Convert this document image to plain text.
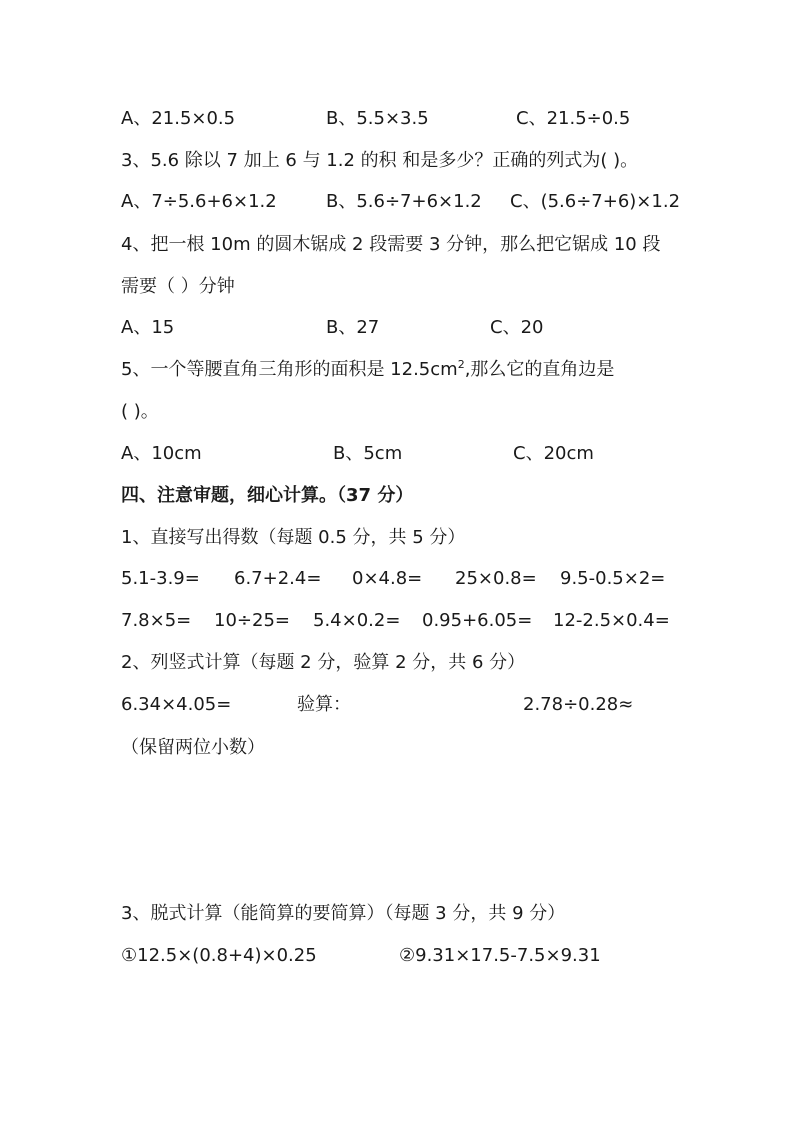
A、21.5×0.5	B、5.5×3.5	C、21.5÷0.5
3、5.6 除以 7 加上 6 与 1.2 的积 和是多少？正确的列式为( )。
A、7÷5.6+6×1.2	B、5.6÷7+6×1.2 C、(5.6÷7+6)×1.2
4、把一根 10m 的圆木锯成 2 段需要 3 分钟，那么把它锯成 10 段
需要（ ）分钟
A、15	B、27	C、20
5、一个等腰直角三角形的面积是 $12.5cm^2$,那么它的直角边是
( )。
A、10cm	B、5cm	C、20cm
四、注意审题，细心计算。（37 分）
1、直接写出得数（每题 0.5 分，共 5 分）
5.1-3.9= 6.7+2.4= 0×4.8= 25×0.8= 9.5-0.5×2=
7.8×5= 10÷25= 5.4×0.2= 0.95+6.05= 12-2.5×0.4=
2、列竖式计算（每题 2 分，验算 2 分，共 6 分）
6.34×4.05=	验算：	2.78÷0.28≈
（保留两位小数）
3、脱式计算（能简算的要简算）（每题 3 分，共 9 分）
①12.5×(0.8+4)×0.25	②9.31×17.5-7.5×9.31
